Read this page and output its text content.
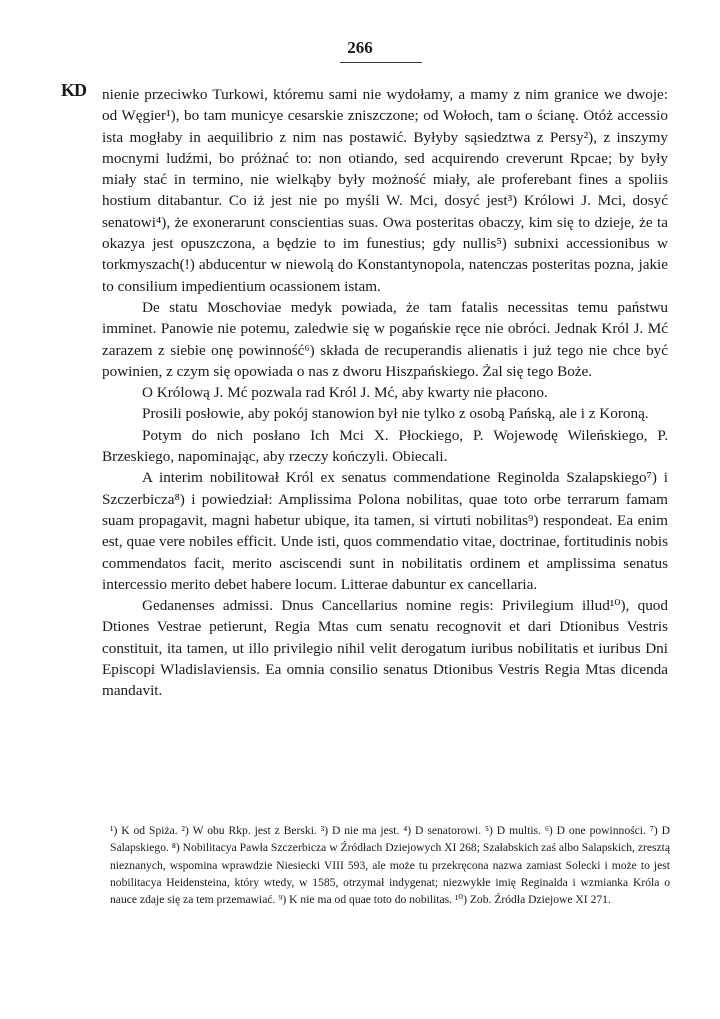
266
KD nienie przeciwko Turkowi, któremu sami nie wydołamy, a mamy z nim granice we dwoje: od Węgier¹), bo tam municye cesarskie zniszczone; od Wołoch, tam o ścianę. Otóż accessio ista mogłaby in aequilibrio z nim nas postawić. Byłyby sąsiedztwa z Persy²), z inszymy mocnymi ludźmi, bo próżnać to: non otiando, sed acquirendo creverunt Rpcae; by były miały stać in termino, nie wielkąby były możność miały, ale proferebant fines a spoliis hostium ditabantur. Co iż jest nie po myśli W. Mci, dosyć jest³) Królowi J. Mci, dosyć senatowi⁴), że exonerarunt conscientias suas. Owa posteritas obaczy, kim się to dzieje, że ta okazya jest opuszczona, a będzie to im funestius; gdy nullis⁵) subnixi accessionibus w torkmyszach(!) abducentur w niewolą do Konstantynopola, natenczas posteritas pozna, jakie to consilium impedientium ocassionem istam.

De statu Moschoviae medyk powiada, że tam fatalis necessitas temu państwu imminet. Panowie nie potemu, zaledwie się w pogańskie ręce nie obróci. Jednak Król J. Mć zarazem z siebie onę powinność⁶) składa de recuperandis alienatis i już tego nie chce być powinien, z czym się opowiada o nas z dworu Hiszpańskiego. Żal się tego Boże.

O Królową J. Mć pozwala rad Król J. Mć, aby kwarty nie płacono.

Prosili posłowie, aby pokój stanowion był nie tylko z osobą Pańską, ale i z Koroną.

Potym do nich posłano Ich Mci X. Płockiego, P. Wojewodę Wileńskiego, P. Brzeskiego, napominając, aby rzeczy kończyli. Obiecali.

A interim nobilitował Król ex senatus commendatione Reginolda Szalapskiego⁷) i Szczerbicza⁸) i powiedział: Amplissima Polona nobilitas, quae toto orbe terrarum famam suam propagavit, magni habetur ubique, ita tamen, si virtuti nobilitas⁹) respondeat. Ea enim est, quae vere nobiles efficit. Unde isti, quos commendatio vitae, doctrinae, fortitudinis nobis commendatos facit, merito asciscendi sunt in nobilitatis ordinem et amplissima senatus intercessio merito debet habere locum. Litterae dabuntur ex cancellaria.

Gedanenses admissi. Dnus Cancellarius nomine regis: Privilegium illud¹⁰), quod Dtiones Vestrae petierunt, Regia Mtas cum senatu recognovit et dari Dtionibus Vestris constituit, ita tamen, ut illo privilegio nihil velit derogatum iuribus nobilitatis et iuribus Dni Episcopi Wladislaviensis. Ea omnia consilio senatus Dtionibus Vestris Regia Mtas dicenda mandavit.

¹) K od Spiża. ²) W obu Rkp. jest z Berski. ³) D nie ma jest. ⁴) D senatorowi. ⁵) D multis. ⁶) D one powinności. ⁷) D Salapskiego. ⁸) Nobilitacya Pawła Szczerbicza w Źródłach Dziejowych XI 268; Szałabskich zaś albo Salapskich, zresztą nieznanych, wspomina wprawdzie Niesiecki VIII 593, ale może tu przekręcona nazwa zamiast Solecki i może to jest nobilitacya Heidensteina, który wtedy, w 1585, otrzymał indygenat; niezwykłe imię Reginalda i wzmianka Króla o nauce zdaje się za tem przemawiać. ⁹) K nie ma od quae toto do nobilitas. ¹⁰) Zob. Źródła Dziejowe XI 271.
